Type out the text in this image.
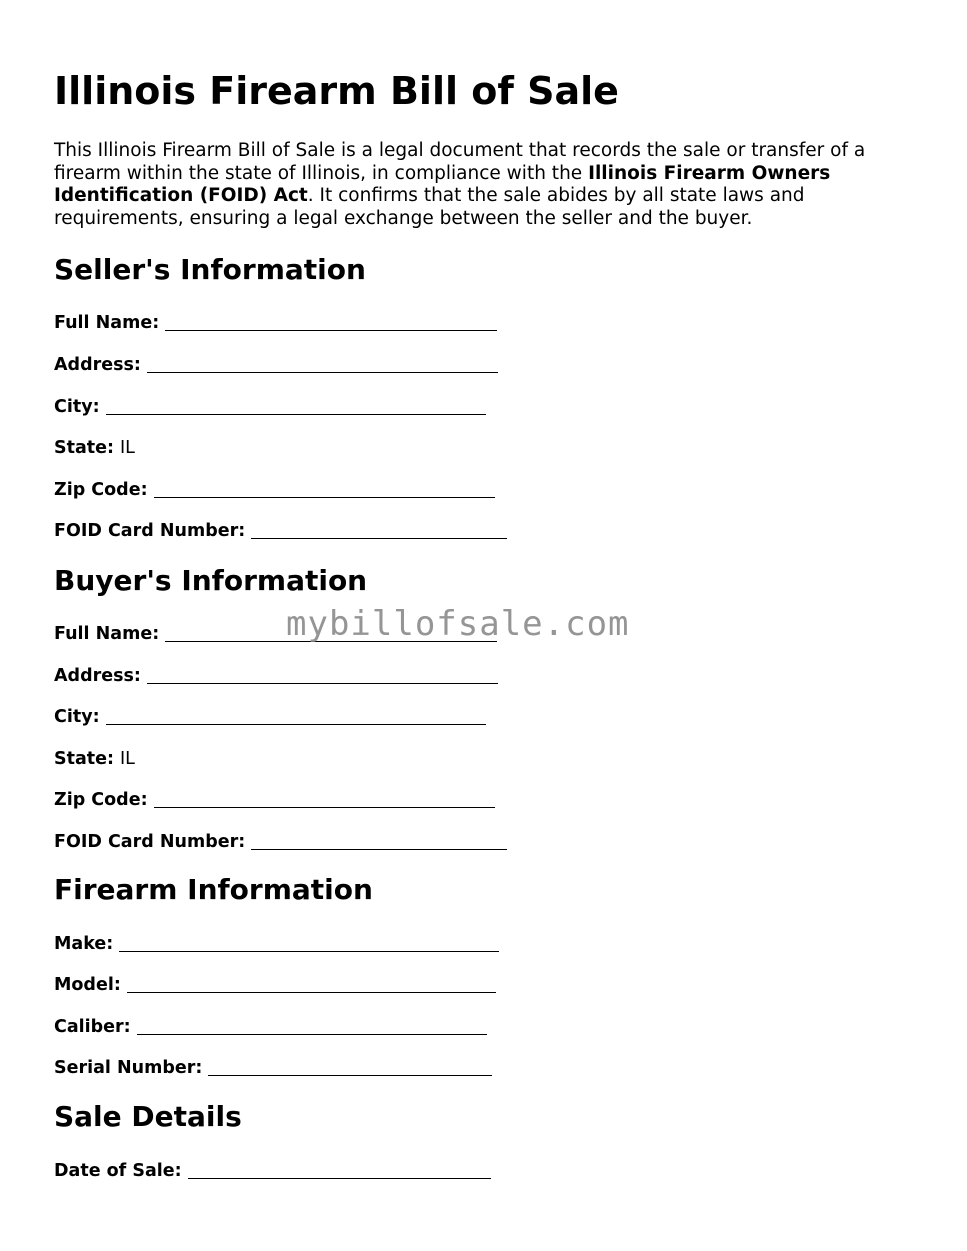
Illinois Firearm Bill of Sale

This Illinois Firearm Bill of Sale is a legal document that records the sale or transfer of a firearm within the state of Illinois, in compliance with the Illinois Firearm Owners Identification (FOID) Act. It confirms that the sale abides by all state laws and requirements, ensuring a legal exchange between the seller and the buyer.

Seller's Information
Full Name:
Address:
City:
State: IL
Zip Code:
FOID Card Number:
Buyer's Information
Full Name:
Address:
City:
State: IL
Zip Code:
FOID Card Number:
Firearm Information
Make:
Model:
Caliber:
Serial Number:
Sale Details
Date of Sale:
mybillofsale.com
